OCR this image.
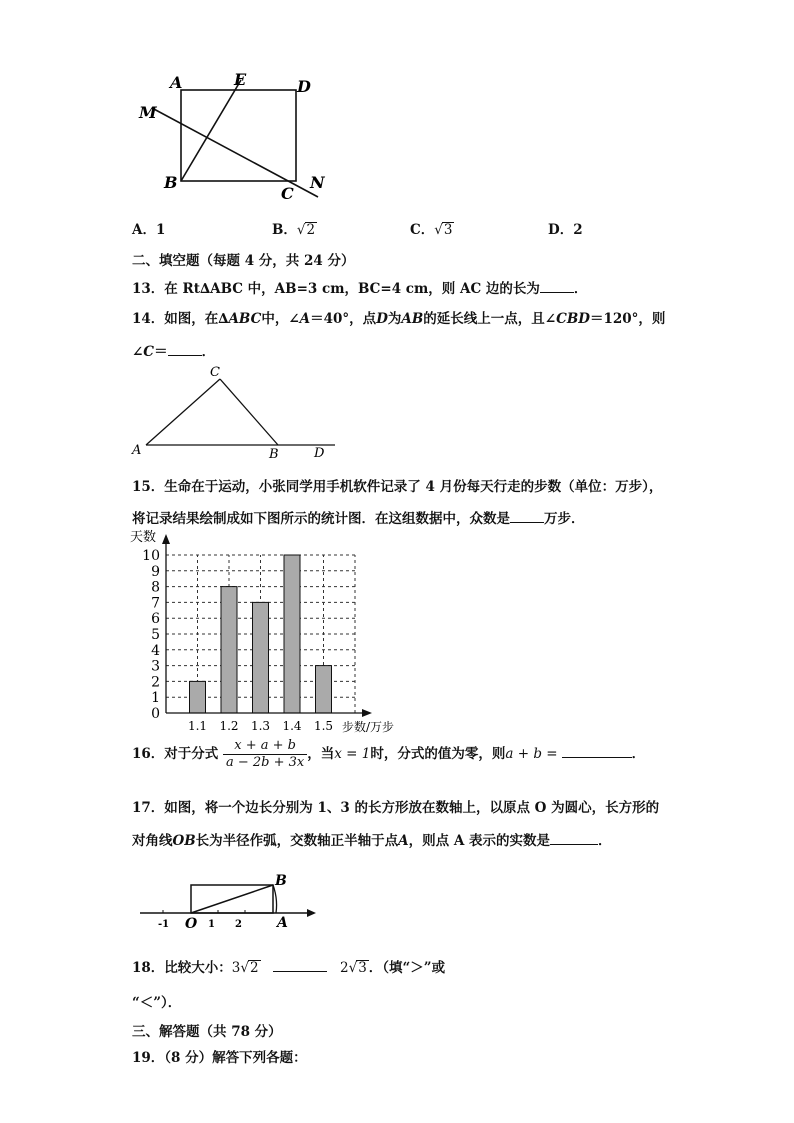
A	E	D
M
B
C
N
A．1	B．√2	C．√3	D．2
二、填空题（每题 4 分，共 24 分）
13．在 Rt∆ABC 中，AB=3 cm，BC=4 cm，则 AC 边的长为	．
14．如图，在∆ABC中，∠A＝40°，点D为AB的延长线上一点，且∠CBD＝120°，则
∠C＝	．
A
C
B	D
15．生命在于运动，小张同学用手机软件记录了 4 月份每天行走的步数（单位：万步），
将记录结果绘制成如下图所示的统计图．在这组数据中，众数是	万步．
0
1
2
3
4
5
6
7
8
9
10
1.1 1.2 1.3 1.4 1.5
天数
步数/万步
16．对于分式 $\frac{x + a + b}{a - 2b + 3x}$ ，当x = 1时，分式的值为零，则a + b =	．
17．如图，将一个边长分别为 1、3 的长方形放在数轴上，以原点 O 为圆心，长方形的
对角线OB长为半径作弧，交数轴正半轴于点A，则点 A 表示的实数是	．
B
O	A
-1	1 2
18．比较大小：3√2	2√3 ．（填“＞”或
“＜”）．
三、解答题（共 78 分）
19．（8 分）解答下列各题：
